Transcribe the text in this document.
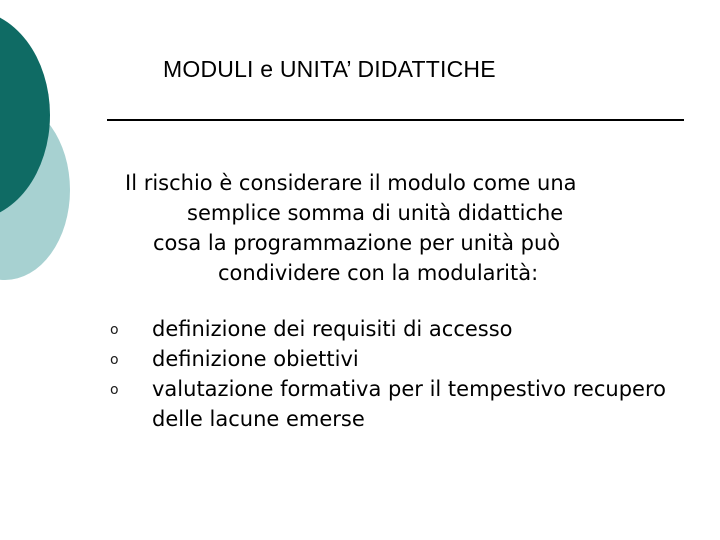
MODULI e UNITA’ DIDATTICHE
Il rischio è considerare il modulo come una
semplice somma di unità didattiche
cosa la programmazione per unità può
condividere con la modularità:
o definizione dei requisiti di accesso
o definizione obiettivi
o valutazione formativa per il tempestivo recupero delle lacune emerse
